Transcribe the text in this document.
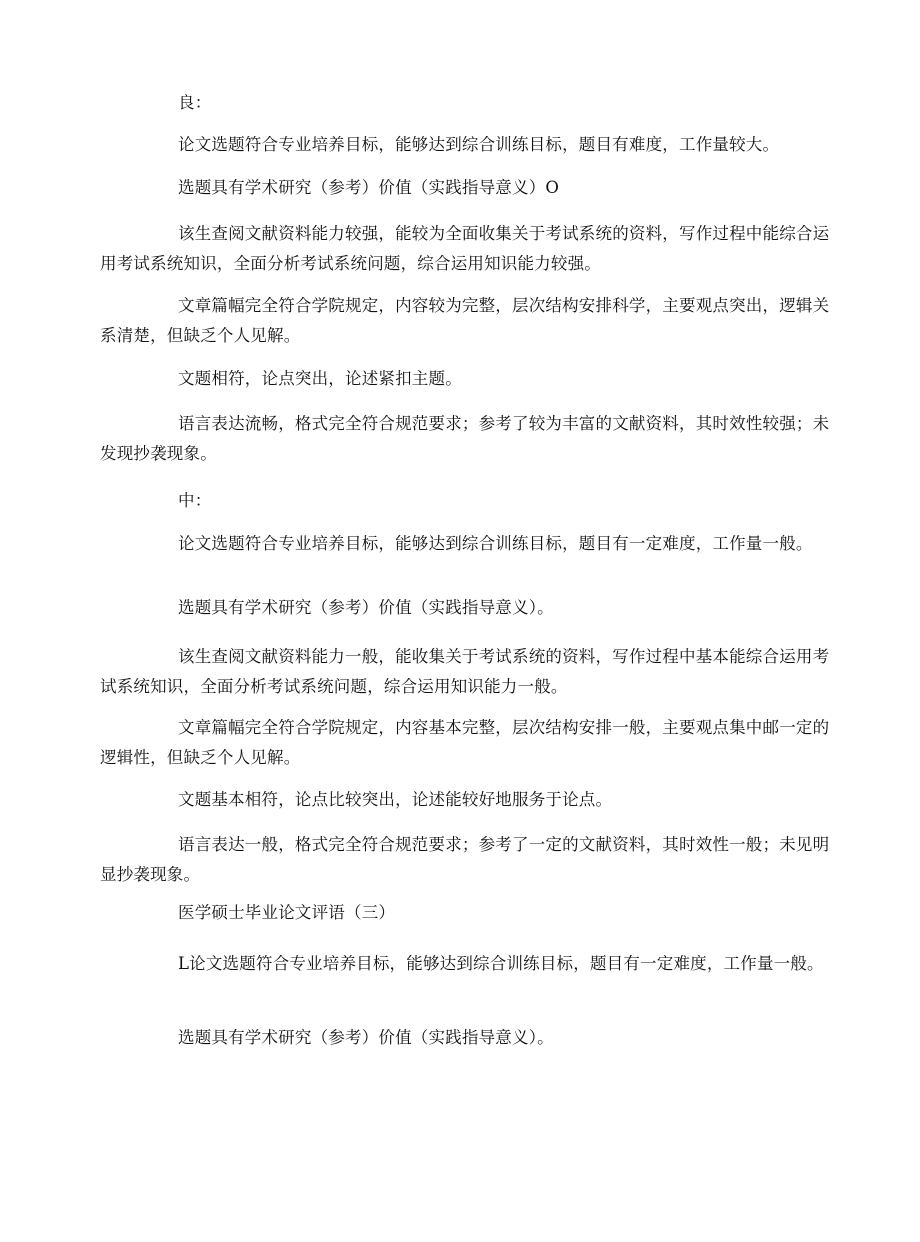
良：

论文选题符合专业培养目标，能够达到综合训练目标，题目有难度，工作量较大。

选题具有学术研究（参考）价值（实践指导意义）O

该生查阅文献资料能力较强，能较为全面收集关于考试系统的资料，写作过程中能综合运用考试系统知识，全面分析考试系统问题，综合运用知识能力较强。

文章篇幅完全符合学院规定，内容较为完整，层次结构安排科学，主要观点突出，逻辑关系清楚，但缺乏个人见解。

文题相符，论点突出，论述紧扣主题。

语言表达流畅，格式完全符合规范要求；参考了较为丰富的文献资料，其时效性较强；未发现抄袭现象。

中：

论文选题符合专业培养目标，能够达到综合训练目标，题目有一定难度，工作量一般。

选题具有学术研究（参考）价值（实践指导意义）。

该生查阅文献资料能力一般，能收集关于考试系统的资料，写作过程中基本能综合运用考试系统知识，全面分析考试系统问题，综合运用知识能力一般。

文章篇幅完全符合学院规定，内容基本完整，层次结构安排一般，主要观点集中邮一定的逻辑性，但缺乏个人见解。

文题基本相符，论点比较突出，论述能较好地服务于论点。

语言表达一般，格式完全符合规范要求；参考了一定的文献资料，其时效性一般；未见明显抄袭现象。

医学硕士毕业论文评语（三）

L论文选题符合专业培养目标，能够达到综合训练目标，题目有一定难度，工作量一般。

选题具有学术研究（参考）价值（实践指导意义）。
